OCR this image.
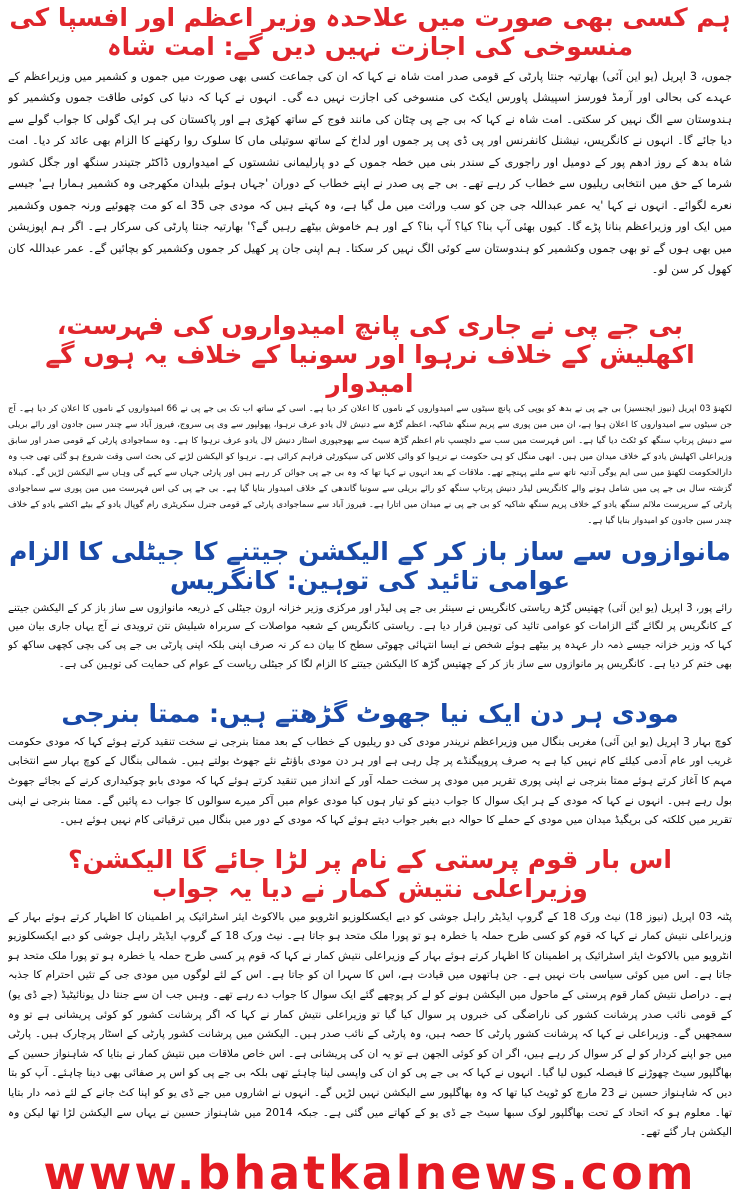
ہم کسی بھی صورت میں علاحدہ وزیر اعظم اور افسپا کی منسوخی کی اجازت نہیں دیں گے: امت شاہ

جموں، 3 اپریل (یو این آئی) بھارتیہ جنتا پارٹی کے قومی صدر امت شاہ نے کہا کہ ان کی جماعت کسی بھی صورت میں جموں و کشمیر میں وزیراعظم کے عہدے کی بحالی اور آرمڈ فورسز اسپیشل پاورس ایکٹ کی منسوخی کی اجازت نہیں دے گی۔ انہوں نے کہا کہ دنیا کی کوئی طاقت جموں وکشمیر کو ہندوستان سے الگ نہیں کر سکتی۔ امت شاہ نے کہا کہ بی جے پی چٹان کی مانند فوج کے ساتھ کھڑی ہے اور پاکستان کی ہر ایک گولی کا جواب گولے سے دیا جائے گا۔ انہوں نے کانگریس، نیشنل کانفرنس اور پی ڈی پی پر جموں اور لداخ کے ساتھ سوتیلی ماں کا سلوک روا رکھنے کا الزام بھی عائد کر دیا۔ امت شاہ بدھ کے روز ادھم پور کے دومیل اور راجوری کے سندر بنی میں خطہ جموں کے دو پارلیمانی نشستوں کے امیدواروں ڈاکٹر جتیندر سنگھ اور جگل کشور شرما کے حق میں انتخابی ریلیوں سے خطاب کر رہے تھے۔ بی جے پی صدر نے اپنے خطاب کے دوران 'جہاں ہوئے بلیدان مکھرجی وہ کشمیر ہمارا ہے' جیسے نعرے لگوائے۔ انہوں نے کہا 'یہ عمر عبداللہ جی جن کو سب وراثت میں مل گیا ہے، وہ کہتے ہیں کہ مودی جی 35 اے کو مت چھوئیے ورنہ جموں وکشمیر میں ایک اور وزیراعظم بنانا پڑے گا۔ کیوں بھئی آپ بنا؟ کیا؟ آپ بنا؟ کے اور ہم خاموش بیٹھے رہیں گے؟' بھارتیہ جنتا پارٹی کی سرکار ہے۔ اگر ہم اپوزیشن میں بھی ہوں گے تو بھی جموں وکشمیر کو ہندوستان سے کوئی الگ نہیں کر سکتا۔ ہم اپنی جان پر کھیل کر جموں وکشمیر کو بچائیں گے۔ عمر عبداللہ کان کھول کر سن لو۔

بی جے پی نے جاری کی پانچ امیدواروں کی فہرست، اکھلیش کے خلاف نرہوا اور سونیا کے خلاف یہ ہوں گے امیدوار

لکھنؤ 03 اپریل (نیوز ایجنسیز) بی جے پی نے بدھ کو یوپی کی پانچ سیٹوں سے امیدواروں کے ناموں کا اعلان کر دیا ہے۔ اسی کے ساتھ اب تک بی جے پی نے 66 امیدواروں کے ناموں کا اعلان کر دیا ہے۔ آج جن سیٹوں سے امیدواروں کا اعلان ہوا ہے، ان میں مین پوری سے پریم سنگھ شاکیہ، اعظم گڑھ سے دنیش لال یادو عرف نرہوا، پھولپور سے وی پی سروج، فیروز آباد سے چندر سین جادون اور رائے بریلی سے دنیش پرتاپ سنگھ کو ٹکٹ دیا گیا ہے۔ اس فہرست میں سب سے دلچسپ نام اعظم گڑھ سیٹ سے بھوجپوری اسٹار دنیش لال یادو عرف نرہوا کا ہے۔ وہ سماجوادی پارٹی کے قومی صدر اور سابق وزیراعلی اکھلیش یادو کے خلاف میدان میں ہیں۔ ابھی منگل کو ہی حکومت نے نرہوا کو وائی کلاس کی سیکورٹی فراہم کرائی ہے۔ نرہوا کو الیکشن لڑنے کی بحث اسی وقت شروع ہو گئی تھی جب وہ دارالحکومت لکھنؤ میں سی ایم یوگی آدتیہ ناتھ سے ملنے پہنچے تھے۔ ملاقات کے بعد انہوں نے کہا تھا کہ وہ بی جے پی جوائن کر رہے ہیں اور پارٹی جہاں سے کہے گی وہاں سے الیکشن لڑیں گے۔ کیبلاہ گزشتہ سال بی جے پی میں شامل ہونے والے کانگریس لیڈر دنیش پرتاپ سنگھ کو رائے بریلی سے سونیا گاندھی کے خلاف امیدوار بنایا گیا ہے۔ بی جے پی کی اس فہرست میں مین پوری سے سماجوادی پارٹی کے سرپرست ملائم سنگھ یادو کے خلاف پریم سنگھ شاکیہ کو بی جے پی نے میدان میں اتارا ہے۔ فیروز آباد سے سماجوادی پارٹی کے قومی جنرل سکریٹری رام گوپال یادو کے بیٹے اکشے یادو کے خلاف چندر سین جادون کو امیدوار بنایا گیا ہے۔

مانوازوں سے ساز باز کر کے الیکشن جیتنے کا جیٹلی کا الزام عوامی تائید کی توہین: کانگریس

رائے پور، 3 اپریل (یو این آئی) چھتیس گڑھ ریاستی کانگریس نے سینئر بی جے پی لیڈر اور مرکزی وزیر خزانہ ارون جیٹلی کے ذریعہ مانوازوں سے ساز باز کر کے الیکشن جیتنے کے کانگریس پر لگائے گئے الزامات کو عوامی تائید کی توہین قرار دیا ہے۔ ریاستی کانگریس کے شعبہ مواصلات کے سربراہ شیلیش نتن ترویدی نے آج یہاں جاری بیان میں کہا کہ وزیر خزانہ جیسے ذمہ دار عہدہ پر بیٹھے ہوئے شخص نے ایسا انتہائی چھوٹی سطح کا بیان دے کر نہ صرف اپنی بلکہ اپنی پارٹی بی جے پی کی بچی کچھی ساکھ کو بھی ختم کر دیا ہے۔ کانگریس پر مانوازوں سے ساز باز کر کے چھتیس گڑھ کا الیکشن جیتنے کا الزام لگا کر جیٹلی ریاست کے عوام کی حمایت کی توہین کی ہے۔

مودی ہر دن ایک نیا جھوٹ گڑھتے ہیں: ممتا بنرجی

کوچ بہار 3 اپریل (یو این آئی) مغربی بنگال میں وزیراعظم نریندر مودی کی دو ریلیوں کے خطاب کے بعد ممتا بنرجی نے سخت تنقید کرتے ہوئے کہا کہ مودی حکومت غریب اور عام آدمی کیلئے کام نہیں کیا ہے یہ صرف پروپیگنڈے پر چل رہی ہے اور ہر دن مودی باؤنٹے نئے جھوٹ بولتے ہیں۔ شمالی بنگال کے کوچ بہار سے انتخابی مہم کا آغاز کرتے ہوئے ممتا بنرجی نے اپنی پوری تقریر میں مودی پر سخت حملہ آور کے انداز میں تنقید کرتے ہوئے کہا کہ مودی بابو چوکیداری کرنے کے بجائے جھوٹ بول رہے ہیں۔ انہوں نے کہا کہ مودی کے ہر ایک سوال کا جواب دینے کو تیار ہوں کیا مودی عوام میں آکر میرے سوالوں کا جواب دے پائیں گے۔ ممتا بنرجی نے اپنی تقریر میں کلکتہ کی بریگیڈ میدان میں مودی کے حملے کا حوالہ دیے بغیر جواب دیتے ہوئے کہا کہ مودی کے دور میں بنگال میں ترقیاتی کام نہیں ہوئے ہیں۔

اس بار قوم پرستی کے نام پر لڑا جائے گا الیکشن؟ وزیراعلی نتیش کمار نے دیا یہ جواب

پٹنہ 03 اپریل (نیوز 18) نیٹ ورک 18 کے گروپ ایڈیٹر راہل جوشی کو دیے ایکسکلوزیو انٹرویو میں بالاکوٹ ایئر اسٹرائیک پر اطمینان کا اظہار کرتے ہوئے بہار کے وزیراعلی نتیش کمار نے کہا کہ قوم کو کسی طرح حملہ یا خطرہ ہو تو پورا ملک متحد ہو جاتا ہے۔ نیٹ ورک 18 کے گروپ ایڈیٹر راہل جوشی کو دیے ایکسکلوزیو انٹرویو میں بالاکوٹ ایئر اسٹرائیک پر اطمینان کا اظہار کرتے ہوئے بہار کے وزیراعلی نتیش کمار نے کہا کہ قوم پر کسی طرح حملہ یا خطرہ ہو تو پورا ملک متحد ہو جاتا ہے۔ اس میں کوئی سیاسی بات نہیں ہے۔ جن ہاتھوں میں قیادت ہے، اس کا سہرا ان کو جاتا ہے۔ اس کے لئے لوگوں میں مودی جی کے تئیں احترام کا جذبہ ہے۔ دراصل نتیش کمار قوم پرستی کے ماحول میں الیکشن ہونے کو لے کر پوچھے گئے ایک سوال کا جواب دے رہے تھے۔ وہیں جب ان سے جنتا دل یونائیٹیڈ (جے ڈی یو) کے قومی نائب صدر پرشانت کشور کی ناراضگی کی خبروں پر سوال کیا گیا تو وزیراعلی نتیش کمار نے کہا کہ اگر پرشانت کشور کو کوئی پریشانی ہے تو وہ سمجھیں گے۔ وزیراعلی نے کہا کہ پرشانت کشور پارٹی کا حصہ ہیں، وہ پارٹی کے نائب صدر ہیں۔ الیکشن میں پرشانت کشور پارٹی کے اسٹار پرچارک ہیں۔ پارٹی میں جو اپنے کردار کو لے کر سوال کر رہے ہیں، اگر ان کو کوئی الجھن ہے تو یہ ان کی پریشانی ہے۔ اس خاص ملاقات میں نتیش کمار نے بتایا کہ شاہنواز حسین کے بھاگلپور سیٹ چھوڑنے کا فیصلہ کیوں لیا گیا۔ انہوں نے کہا کہ بی جے پی کو ان کی واپسی لینا چاہئے تھی بلکہ بی جے پی کو اس پر صفائی بھی دینا چاہئے۔ آپ کو بتا دیں کہ شاہنواز حسین نے 23 مارچ کو ٹویٹ کیا تھا کہ وہ بھاگلپور سے الیکشن نہیں لڑیں گے۔ انہوں نے اشاروں میں جے ڈی یو کو اپنا کٹ جانے کے لئے ذمہ دار بتایا تھا۔ معلوم ہو کہ اتحاد کے تحت بھاگلپور لوک سبھا سیٹ جے ڈی یو کے کھاتے میں گئی ہے۔ جبکہ 2014 میں شاہنواز حسین نے یہاں سے الیکشن لڑا تھا لیکن وہ الیکشن ہار گئے تھے۔

www.bhatkalnews.com
